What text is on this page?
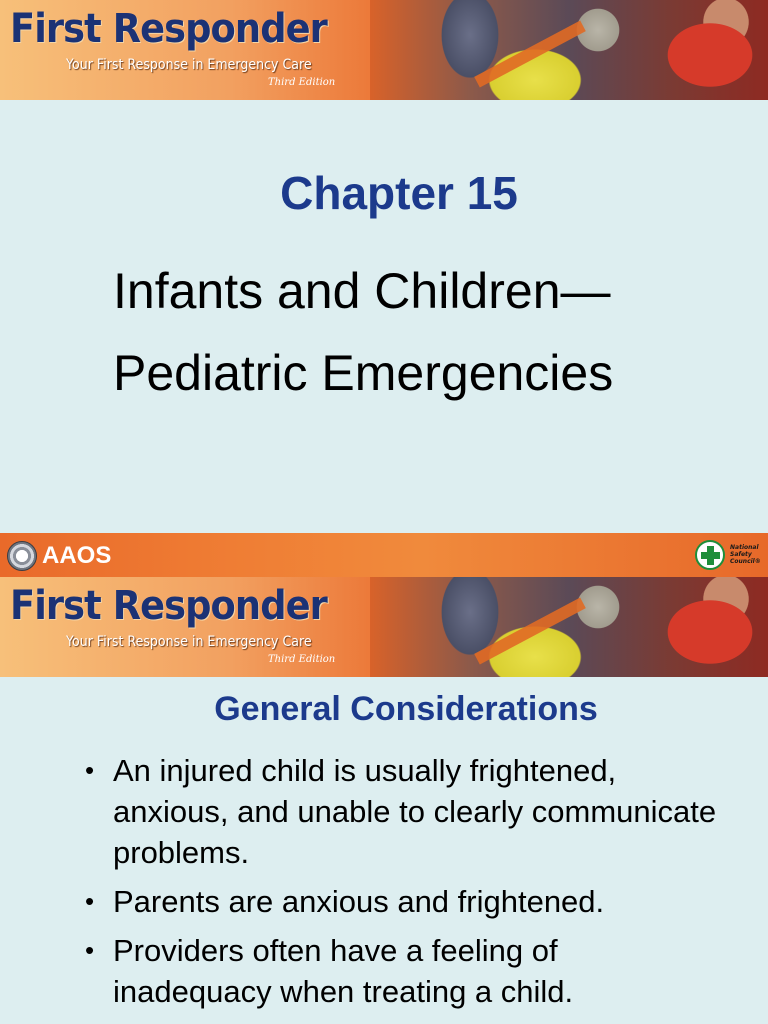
First Responder
Your First Response in Emergency Care
Third Edition
Chapter 15
Infants and Children—
Pediatric Emergencies
AAOS	National
Safety
Council®
First Responder
Your First Response in Emergency Care
Third Edition
General Considerations
• An injured child is usually frightened, anxious, and unable to clearly communicate problems.
• Parents are anxious and frightened.
• Providers often have a feeling of inadequacy when treating a child.
